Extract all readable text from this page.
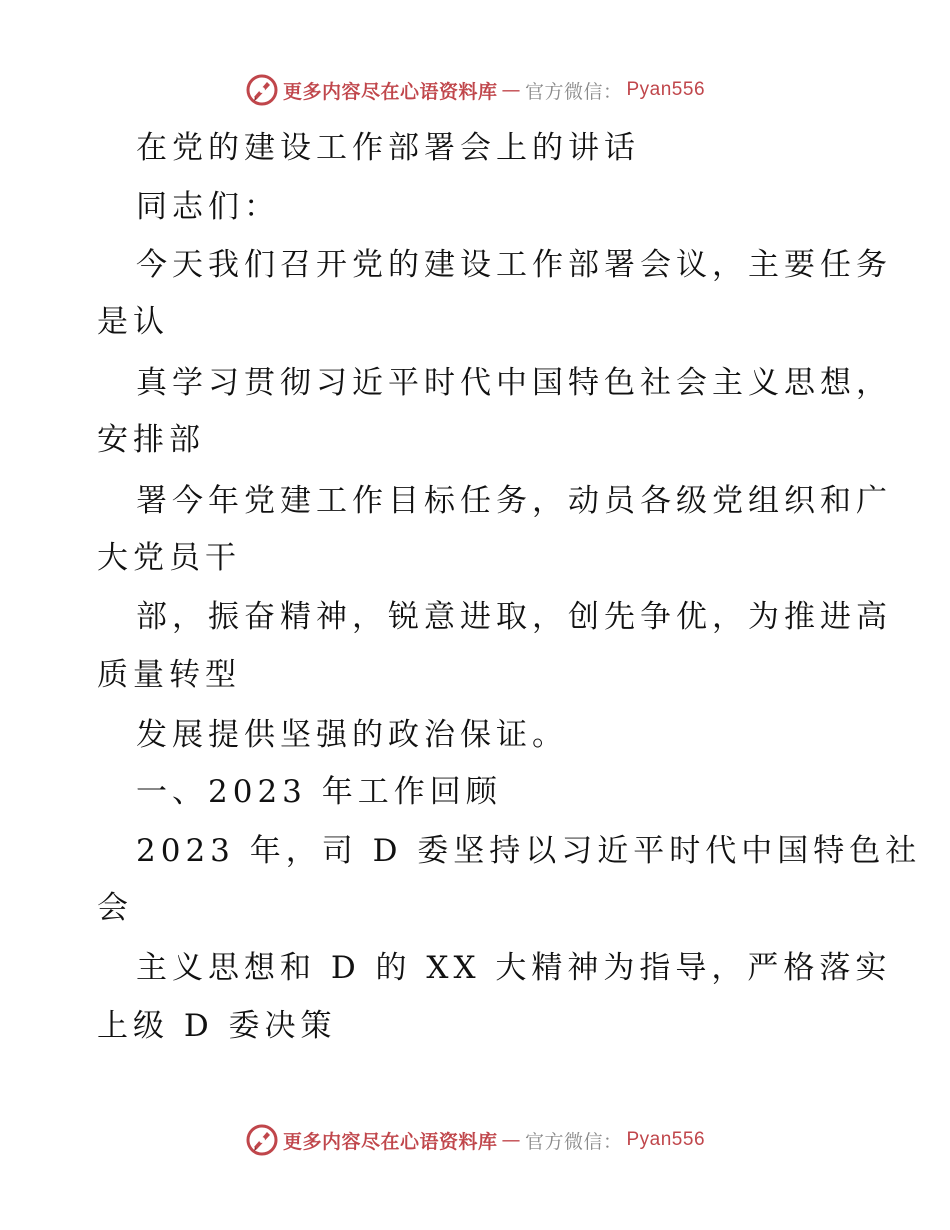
更多内容尽在心语资料库 — 官方微信： Pyan556
在党的建设工作部署会上的讲话
同志们：
今天我们召开党的建设工作部署会议，主要任务
是认
真学习贯彻习近平时代中国特色社会主义思想，
安排部
署今年党建工作目标任务，动员各级党组织和广
大党员干
部，振奋精神，锐意进取，创先争优，为推进高
质量转型
发展提供坚强的政治保证。
一、2023 年工作回顾
2023 年，司 D 委坚持以习近平时代中国特色社
会
主义思想和 D 的 XX 大精神为指导，严格落实
上级 D 委决策
更多内容尽在心语资料库 — 官方微信： Pyan556
